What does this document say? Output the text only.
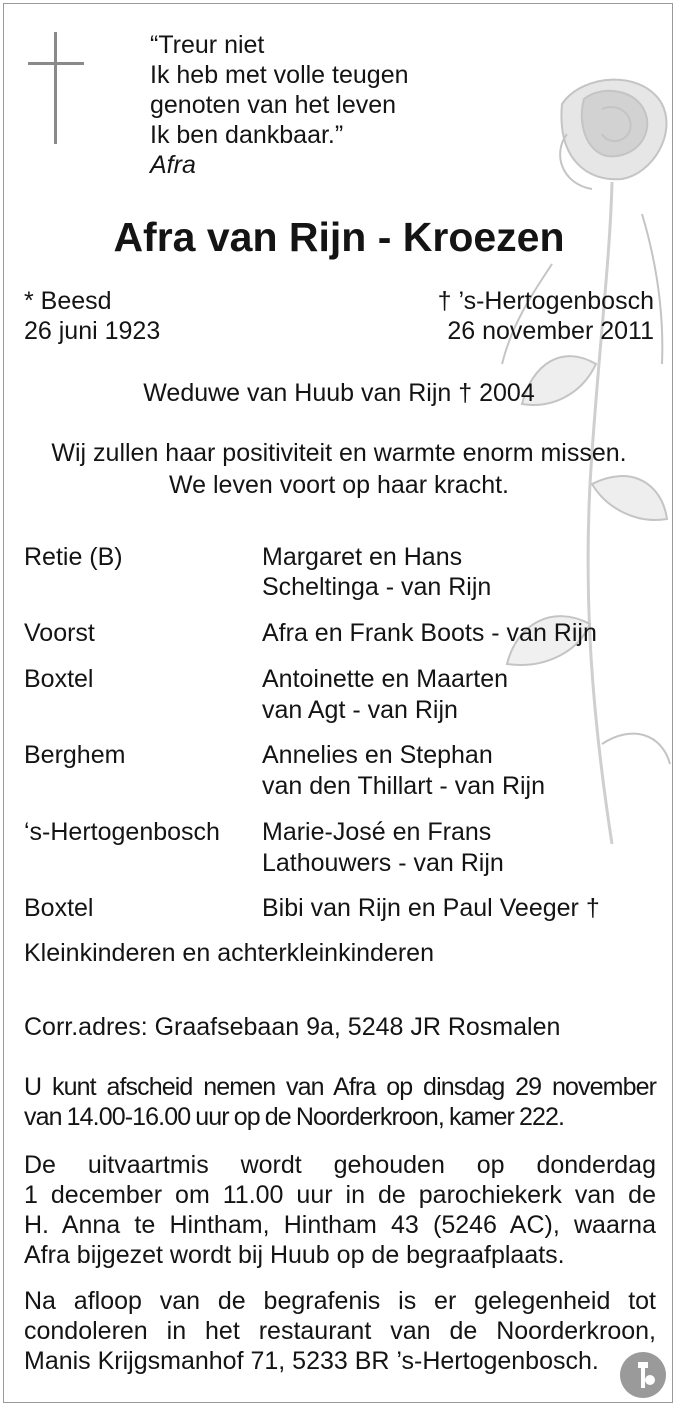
“Treur niet
Ik heb met volle teugen
genoten van het leven
Ik ben dankbaar.”
Afra
Afra van Rijn - Kroezen
* Beesd
26 juni 1923
† ’s-Hertogenbosch
26 november 2011
Weduwe van Huub van Rijn † 2004
Wij zullen haar positiviteit en warmte enorm missen.
We leven voort op haar kracht.
Retie (B)	Margaret en Hans
Scheltinga - van Rijn
Voorst	Afra en Frank Boots - van Rijn
Boxtel	Antoinette en Maarten
van Agt - van Rijn
Berghem	Annelies en Stephan
van den Thillart - van Rijn
‘s-Hertogenbosch Marie-José en Frans
Lathouwers - van Rijn
Boxtel	Bibi van Rijn en Paul Veeger †
Kleinkinderen en achterkleinkinderen
Corr.adres: Graafsebaan 9a, 5248 JR Rosmalen
U kunt afscheid nemen van Afra op dinsdag 29 november
van 14.00-16.00 uur op de Noorderkroon, kamer 222.
De uitvaartmis wordt gehouden op donderdag
1 december om 11.00 uur in de parochiekerk van de
H. Anna te Hintham, Hintham 43 (5246 AC), waarna
Afra bijgezet wordt bij Huub op de begraafplaats.
Na afloop van de begrafenis is er gelegenheid tot
condoleren in het restaurant van de Noorderkroon,
Manis Krijgsmanhof 71, 5233 BR ’s-Hertogenbosch.
